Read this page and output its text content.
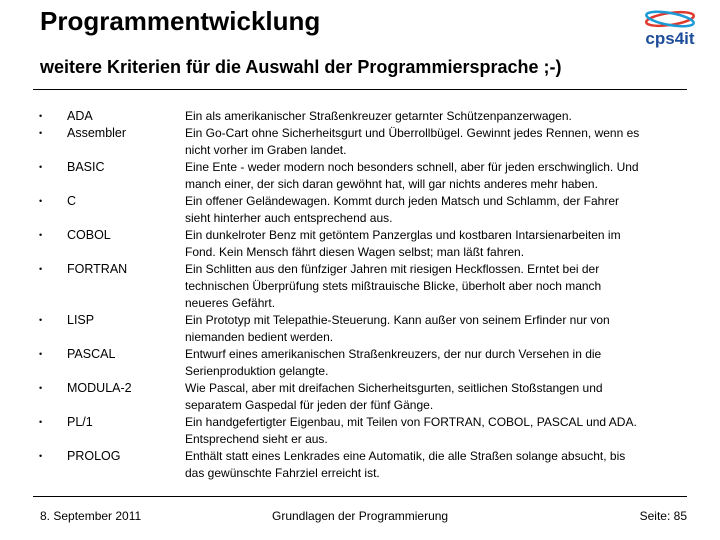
Programmentwicklung
cps4it
weitere Kriterien für die Auswahl der Programmiersprache ;-)
• ADA	Ein als amerikanischer Straßenkreuzer getarnter Schützenpanzerwagen.
• Assembler	Ein Go-Cart ohne Sicherheitsgurt und Überrollbügel. Gewinnt jedes Rennen, wenn es
nicht vorher im Graben landet.
• BASIC	Eine Ente - weder modern noch besonders schnell, aber für jeden erschwinglich. Und
manch einer, der sich daran gewöhnt hat, will gar nichts anderes mehr haben.
• C	Ein offener Geländewagen. Kommt durch jeden Matsch und Schlamm, der Fahrer
sieht hinterher auch entsprechend aus.
• COBOL	Ein dunkelroter Benz mit getöntem Panzerglas und kostbaren Intarsienarbeiten im
Fond. Kein Mensch fährt diesen Wagen selbst; man läßt fahren.
• FORTRAN	Ein Schlitten aus den fünfziger Jahren mit riesigen Heckflossen. Erntet bei der
technischen Überprüfung stets mißtrauische Blicke, überholt aber noch manch
neueres Gefährt.
• LISP	Ein Prototyp mit Telepathie-Steuerung. Kann außer von seinem Erfinder nur von
niemanden bedient werden.
• PASCAL	Entwurf eines amerikanischen Straßenkreuzers, der nur durch Versehen in die
Serienproduktion gelangte.
• MODULA-2	Wie Pascal, aber mit dreifachen Sicherheitsgurten, seitlichen Stoßstangen und
separatem Gaspedal für jeden der fünf Gänge.
• PL/1	Ein handgefertigter Eigenbau, mit Teilen von FORTRAN, COBOL, PASCAL und ADA.
Entsprechend sieht er aus.
• PROLOG	Enthält statt eines Lenkrades eine Automatik, die alle Straßen solange absucht, bis
das gewünschte Fahrziel erreicht ist.
8. September 2011	Grundlagen der Programmierung	Seite: 85
